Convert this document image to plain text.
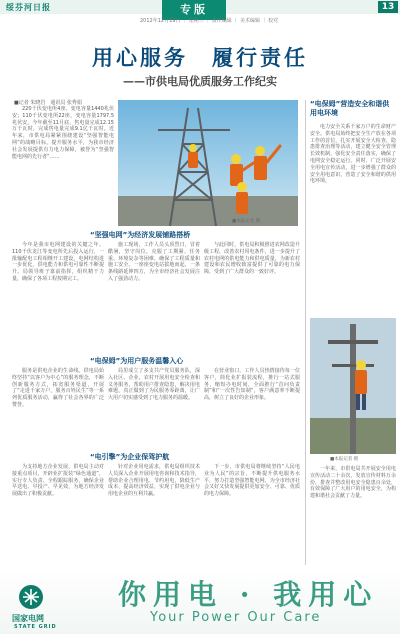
绥芬河日报	专版	13
2012年12月19日 ｜ 星期三 ｜ 责任编辑 ｜ 美术编辑 ｜ 校对
用心服务　履行责任
——市供电局优质服务工作纪实
■记者 朱晓岩　通讯员 张秀娟

220千伏变电所4座、变电容量1440兆伏安；110千伏变电所22座，变电容量1797.5兆伏安。今年截至11月底，售电量完成12.15万千瓦时，完成售电量完成9.1亿千瓦时。近年来，市供电局紧紧围绕建设“坚强智能电网”的战略目标，提升服务水平，为我市经济社会发展提供有力电力保障，被誉为“坚强智能电网的先行者”……

■本报记者 摄
“坚强电网”为经济发展铺路搭桥

今年是我市电网建设的关键之年。110千伏龙江等变电所先后投入运行，一批输配电工程相继开工建设，电网结构进一步优化，供电能力和供电可靠性不断提升。局领导班子靠前指挥，组织精干力量，确保了各项工程按期完工。

施工现场，工作人员头顶烈日，冒着酷暑，坚守岗位，克服了工期紧、任务重、环境复杂等困难，确保了工程质量和施工安全。一座座变电站拔地而起，一条条线路延伸四方，为全市经济社会发展注入了强劲动力。

与此同时，供电局积极推进农网改造升级工程，改善农村用电条件，进一步提升了农村电网的供电能力和供电质量，为新农村建设和农民增收致富提供了可靠的电力保障，受到了广大群众的一致好评。

“电保姆”为用户服务温馨入心

服务是供电企业的生命线。供电局始终坚持“以客户为中心”的服务理念，不断创新服务方式，拓宽服务渠道，开展了“走进千家万户，服务百姓民生”等一系列优质服务活动，赢得了社会各界的广泛赞誉。

局里成立了多支共产党员服务队，深入社区、企业、农村开展用电安全检查和义务服务，帮助用户排查隐患，解决用电难题，真正做到了为民服务零距离，让广大用户切实感受到了电力服务的温暖。

在营业窗口，工作人员热情接待每一位客户，简化业扩报装流程，推行一站式服务，缩短办电时间，全面推行“首问负责制”和“一次性告知制”，客户满意率不断提高，树立了良好的企业形象。

“电引擎”为企业保驾护航

为支持地方企业发展，供电局主动对接重点项目，开辟业扩报装“绿色通道”，实行专人负责、全程跟踪服务，确保企业早送电、早投产、早见效，为地方经济发展做出了积极贡献。

针对企业用电需求，供电局组织技术人员深入企业开展用电咨询和技术指导，帮助企业合理用电、节约用电，降低生产成本，提高经济效益，实现了供电企业与用电企业的互利共赢。

下一步，市供电局将继续坚持“人民电业为人民”的宗旨，不断提升供电服务水平，努力打造坚强智能电网，为全市经济社会又好又快发展提供更加安全、可靠、优质的电力保障。

“电保姆”营造安全和谐供用电环境

电力安全关系千家万户的生命财产安全。供电局始终把安全生产放在各项工作的首位，扎实开展安全大检查、隐患排查治理等活动，建立健全安全管理长效机制，强化安全责任落实，确保了电网安全稳定运行。同时，广泛开展安全用电宣传活动，进一步增强了群众的安全用电意识，营造了安全和谐的供用电环境。

■本报记者 摄

一年来，市供电局共开展安全用电宣传活动二十余次，发放宣传材料万余份，排查并整改用电安全隐患百余处，有效保障了广大用户的用电安全，为构建和谐社会贡献了力量。

国家电网
STATE GRID
你用电 · 我用心
Your Power Our Care
